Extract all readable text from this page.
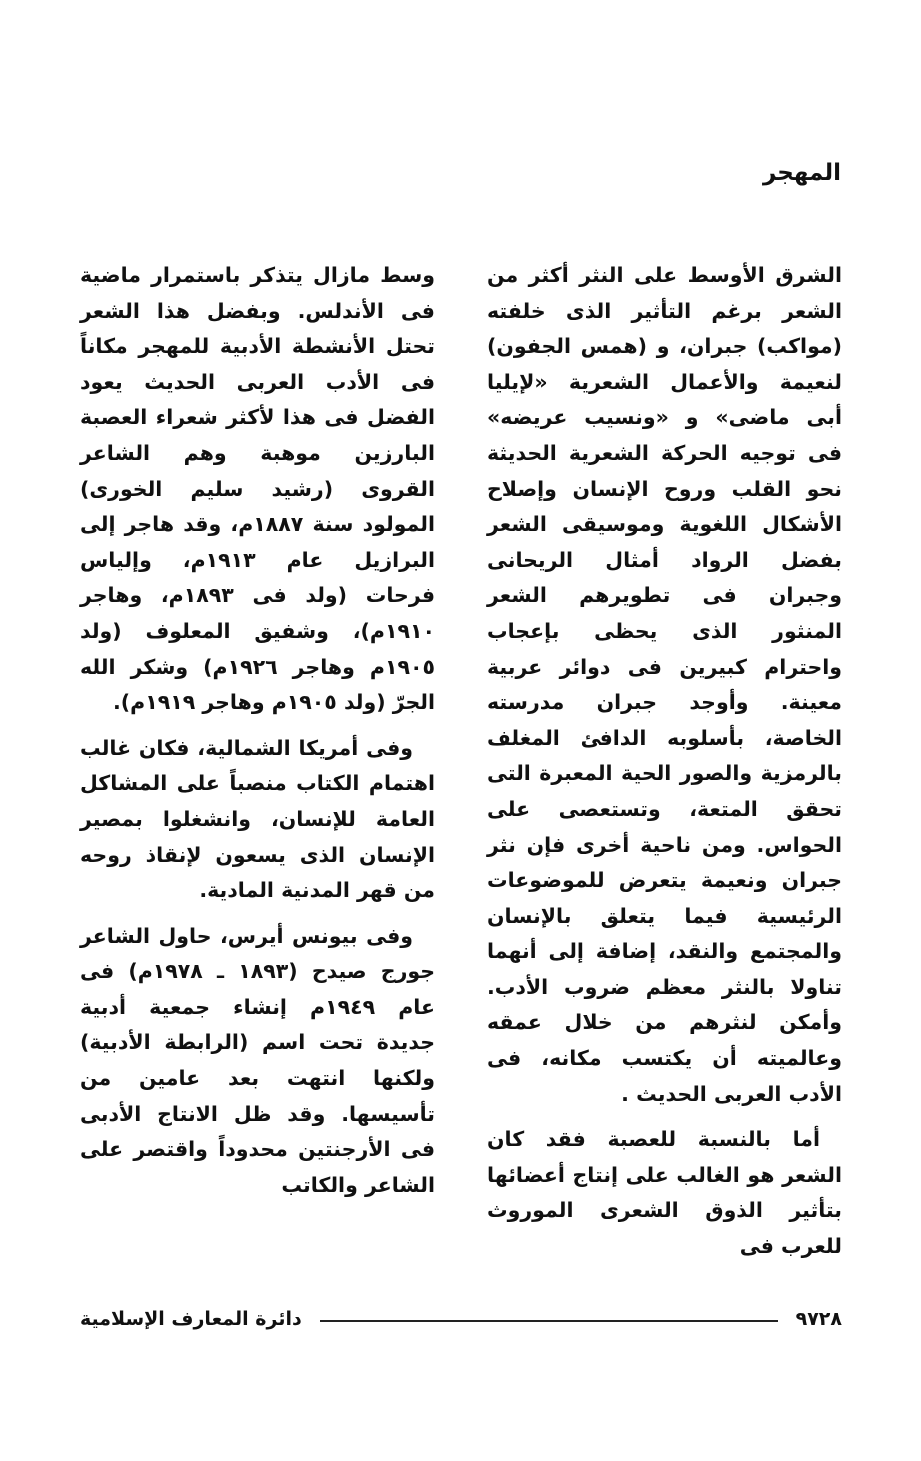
المهجر

الشرق الأوسط على النثر أكثر من الشعر برغم التأثير الذى خلفته (مواكب) جبران، و (همس الجفون) لنعيمة والأعمال الشعرية «لإيليا أبى ماضى» و «ونسيب عريضه» فى توجيه الحركة الشعرية الحديثة نحو القلب وروح الإنسان وإصلاح الأشكال اللغوية وموسيقى الشعر بفضل الرواد أمثال الريحانى وجبران فى تطويرهم الشعر المنثور الذى يحظى بإعجاب واحترام كبيرين فى دوائر عربية معينة. وأوجد جبران مدرسته الخاصة، بأسلوبه الدافئ المغلف بالرمزية والصور الحية المعبرة التى تحقق المتعة، وتستعصى على الحواس. ومن ناحية أخرى فإن نثر جبران ونعيمة يتعرض للموضوعات الرئيسية فيما يتعلق بالإنسان والمجتمع والنقد، إضافة إلى أنهما تناولا بالنثر معظم ضروب الأدب. وأمكن لنثرهم من خلال عمقه وعالميته أن يكتسب مكانه، فى الأدب العربى الحديث .

أما بالنسبة للعصبة فقد كان الشعر هو الغالب على إنتاج أعضائها بتأثير الذوق الشعرى الموروث للعرب فى

وسط مازال يتذكر باستمرار ماضية فى الأندلس. وبفضل هذا الشعر تحتل الأنشطة الأدبية للمهجر مكاناً فى الأدب العربى الحديث يعود الفضل فى هذا لأكثر شعراء العصبة البارزين موهبة وهم الشاعر القروى (رشيد سليم الخورى) المولود سنة ١٨٨٧م، وقد هاجر إلى البرازيل عام ١٩١٣م، وإلياس فرحات (ولد فى ١٨٩٣م، وهاجر ١٩١٠م)، وشفيق المعلوف (ولد ١٩٠٥م وهاجر ١٩٢٦م) وشكر الله الجرّ (ولد ١٩٠٥م وهاجر ١٩١٩م).

وفى أمريكا الشمالية، فكان غالب اهتمام الكتاب منصباً على المشاكل العامة للإنسان، وانشغلوا بمصير الإنسان الذى يسعون لإنقاذ روحه من قهر المدنية المادية.

وفى بيونس أيرس، حاول الشاعر جورج صيدح (١٨٩٣ ـ ١٩٧٨م) فى عام ١٩٤٩م إنشاء جمعية أدبية جديدة تحت اسم (الرابطة الأدبية) ولكنها انتهت بعد عامين من تأسيسها. وقد ظل الانتاج الأدبى فى الأرجنتين محدوداً واقتصر على الشاعر والكاتب

٩٧٢٨
دائرة المعارف الإسلامية
